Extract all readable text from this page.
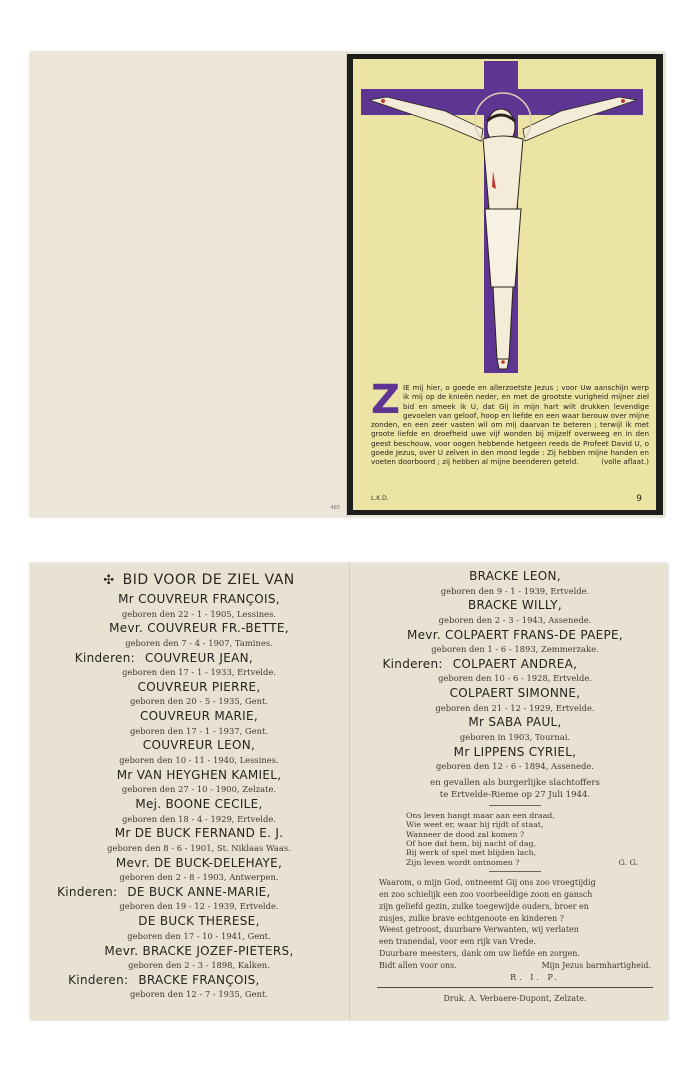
485
ZIE mij hier, o goede en allerzoetste Jezus ; voor Uw aanschijn werp ik mij op de knieën neder, en met de grootste vurigheid mijner ziel bid en smeek ik U, dat Gij in mijn hart wilt drukken levendige gevoelen van geloof, hoop en liefde en een waar berouw over mijne zonden, en een zeer vasten wil om mij daarvan te beteren ; terwijl ik met groote liefde en droefheid uwe vijf wonden bij mijzelf overweeg en in den geest beschouw, voor oogen hebbende hetgeen reeds de Profeet David U, o goede Jezus, over U zelven in den mond legde : Zij hebben mijne handen en voeten doorboord ; zij hebben al mijne beenderen geteld.	(volle aflaat.)
L.K.D.	9
✣ BID VOOR DE ZIEL VAN
Mr COUVREUR FRANÇOIS,
geboren den 22 - 1 - 1905, Lessines.
Mevr. COUVREUR FR.-BETTE,
geboren den 7 - 4 - 1907, Tamines.
Kinderen: COUVREUR JEAN,
geboren den 17 - 1 - 1933, Ertvelde.
COUVREUR PIERRE,
geboren den 20 - 5 - 1935, Gent.
COUVREUR MARIE,
geboren den 17 - 1 - 1937, Gent.
COUVREUR LEON,
geboren den 10 - 11 - 1940, Lessines.
Mr VAN HEYGHEN KAMIEL,
geboren den 27 - 10 - 1900, Zelzate.
Mej. BOONE CECILE,
geboren den 18 - 4 - 1929, Ertvelde.
Mr DE BUCK FERNAND E. J.
geboren den 8 - 6 - 1901, St. Niklaas Waas.
Mevr. DE BUCK-DELEHAYE,
geboren den 2 - 8 - 1903, Antwerpen.
Kinderen: DE BUCK ANNE-MARIE,
geboren den 19 - 12 - 1939, Ertvelde.
DE BUCK THERESE,
geboren den 17 - 10 - 1941, Gent.
Mevr. BRACKE JOZEF-PIETERS,
geboren den 2 - 3 - 1898, Kalken.
Kinderen: BRACKE FRANÇOIS,
geboren den 12 - 7 - 1935, Gent.
BRACKE LEON,
geboren den 9 - 1 - 1939, Ertvelde.
BRACKE WILLY,
geboren den 2 - 3 - 1943, Assenede.
Mevr. COLPAERT FRANS-DE PAEPE,
geboren den 1 - 6 - 1893, Zemmerzake.
Kinderen: COLPAERT ANDREA,
geboren den 10 - 6 - 1928, Ertvelde.
COLPAERT SIMONNE,
geboren den 21 - 12 - 1929, Ertvelde.
Mr SABA PAUL,
geboren in 1903, Tournai.
Mr LIPPENS CYRIEL,
geboren den 12 - 6 - 1894, Assenede.
en gevallen als burgerlijke slachtoffers
te Ertvelde-Rieme op 27 Juli 1944.
Ons leven hangt maar aan een draad,
Wie weet er, waar hij rijdt of staat,
Wanneer de dood zal komen ?
Of hoe dat hem, bij nacht of dag,
Bij werk of spel met blijden lach,
Zijn leven wordt ontnomen ?	G. G.
Waarom, o mijn God, ontneemt Gij ons zoo vroegtijdig
en zoo schielijk een zoo voorbeeldige zoon en gansch
zijn geliefd gezin, zulke toegewijde ouders, broer en
zusjes, zulke brave echtgenoote en kinderen ?
Weest getroost, duurbare Verwanten, wij verlaten
een tranendal, voor een rijk van Vrede.
Duurbare meesters, dank om uw liefde en zorgen.
Bidt allen voor ons.	Mijn Jezus barmhartigheid.
R. I. P.
Druk. A. Verbaere-Dupont, Zelzate.
